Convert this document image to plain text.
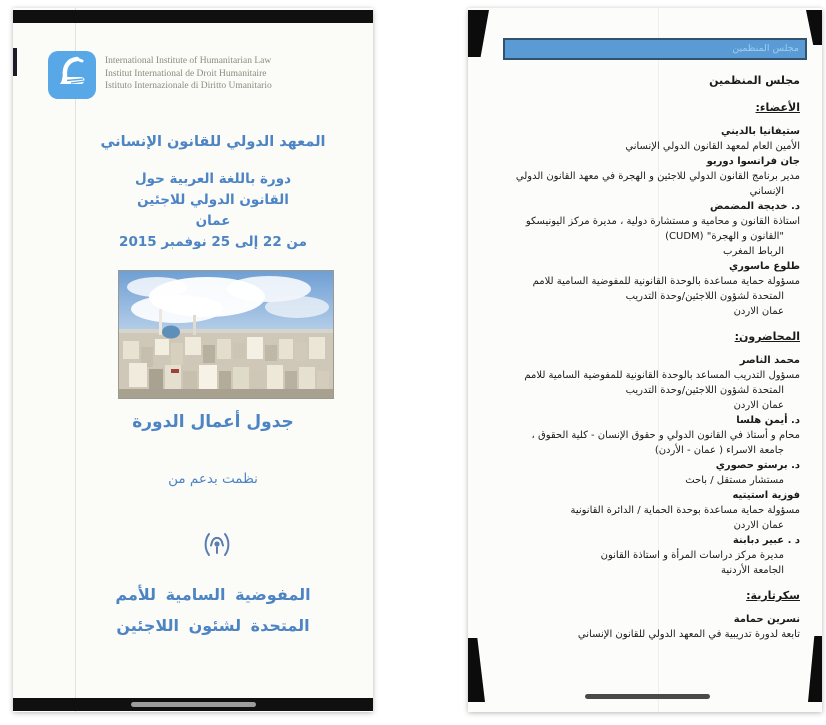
International Institute of Humanitarian Law
Institut International de Droit Humanitaire
Istituto Internazionale di Diritto Umanitario
المعهد الدولي للقانون الإنساني
دورة باللغة العربية حول
القانون الدولي للاجئين
عمان
من 22 إلى 25 نوفمبر 2015
جدول أعمال الدورة
نظمت بدعم من
المفوضية السامية للأمم
المتحدة لشئون اللاجئين
مجلس المنظمين
مجلس المنظمين
الأعضاء:
ستيفانيا بالديني
الأمين العام لمعهد القانون الدولي الإنساني
جان فرانسوا دوريو
مدير برنامج القانون الدولي للاجئين و الهجرة في معهد القانون الدولي
الإنساني
د. خديجة المضمض
استاذة القانون و محامية و مستشارة دولية ، مديرة مركز اليونيسكو
"القانون و الهجرة" (CUDM)
الرباط المغرب
طلوع ماسوري
مسؤولة حماية مساعدة بالوحدة القانونية للمفوضية السامية للامم
المتحدة لشؤون اللاجئين/وحدة التدريب
عمان الاردن
المحاضرون:
محمد الناصر
مسؤول التدريب المساعد بالوحدة القانونية للمفوضية السامية للامم
المتحدة لشؤون اللاجئين/وحدة التدريب
عمان الاردن
د. أيمن هلسا
محام و أستاذ في القانون الدولي و حقوق الإنسان - كلية الحقوق ،
جامعة الاسراء ( عمان - الأردن)
د. برستو حصوري
مستشار مستقل / باحث
فوزية استيتيه
مسؤولة حماية مساعدة بوحدة الحماية / الدائرة القانونية
عمان الاردن
د . عبير دبابنة
مديرة مركز دراسات المرأة و استاذة القانون
الجامعة الأردنية
سكرتارية:
نسرين حمامة
تابعة لدورة تدريبية في المعهد الدولي للقانون الإنساني
